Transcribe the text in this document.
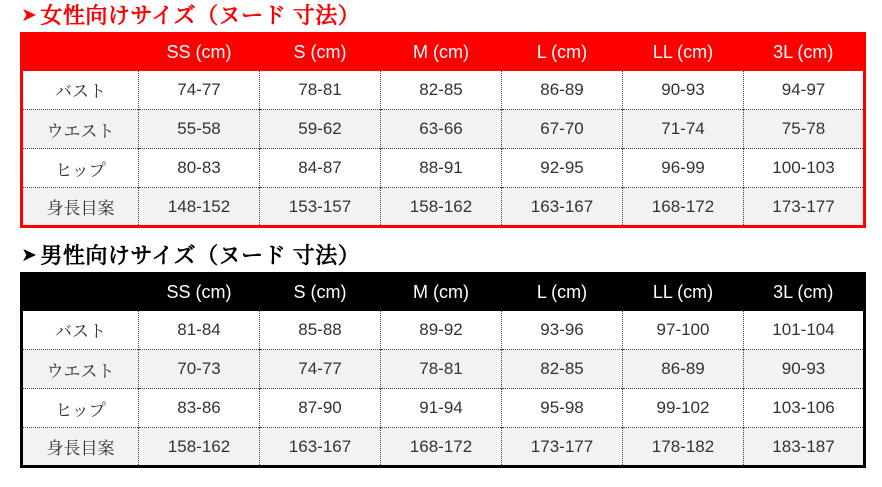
➤ 女性向けサイズ（ヌード 寸法）
	SS (cm)	S (cm)	M (cm)	L (cm)	LL (cm)	3L (cm)
バスト	74-77	78-81	82-85	86-89	90-93	94-97
ウエスト	55-58	59-62	63-66	67-70	71-74	75-78
ヒップ	80-83	84-87	88-91	92-95	96-99	100-103
身長目案	148-152	153-157	158-162	163-167	168-172	173-177
➤ 男性向けサイズ（ヌード 寸法）
	SS (cm)	S (cm)	M (cm)	L (cm)	LL (cm)	3L (cm)
バスト	81-84	85-88	89-92	93-96	97-100	101-104
ウエスト	70-73	74-77	78-81	82-85	86-89	90-93
ヒップ	83-86	87-90	91-94	95-98	99-102	103-106
身長目案	158-162	163-167	168-172	173-177	178-182	183-187
